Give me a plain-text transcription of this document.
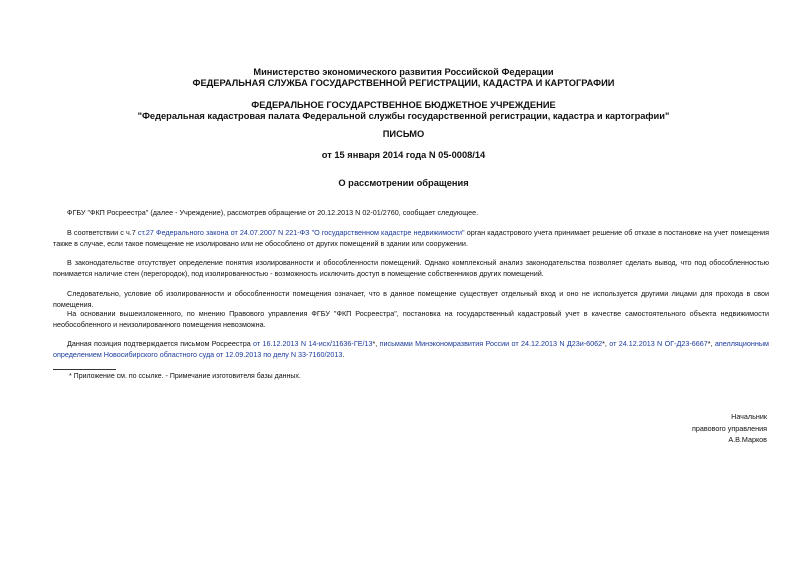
Министерство экономического развития Российской Федерации
ФЕДЕРАЛЬНАЯ СЛУЖБА ГОСУДАРСТВЕННОЙ РЕГИСТРАЦИИ, КАДАСТРА И КАРТОГРАФИИ
ФЕДЕРАЛЬНОЕ ГОСУДАРСТВЕННОЕ БЮДЖЕТНОЕ УЧРЕЖДЕНИЕ
"Федеральная кадастровая палата Федеральной службы государственной регистрации, кадастра и картографии"
ПИСЬМО
от 15 января 2014 года N 05-0008/14
О рассмотрении обращения
ФГБУ "ФКП Росреестра" (далее - Учреждение), рассмотрев обращение от 20.12.2013 N 02-01/2760, сообщает следующее.
В соответствии с ч.7 ст.27 Федерального закона от 24.07.2007 N 221-ФЗ "О государственном кадастре недвижимости" орган кадастрового учета принимает решение об отказе в постановке на учет помещения также в случае, если такое помещение не изолировано или не обособлено от других помещений в здании или сооружении.
В законодательстве отсутствует определение понятия изолированности и обособленности помещений. Однако комплексный анализ законодательства позволяет сделать вывод, что под обособленностью понимается наличие стен (перегородок), под изолированностью - возможность исключить доступ в помещение собственников других помещений.
Следовательно, условие об изолированности и обособленности помещения означает, что в данное помещение существует отдельный вход и оно не используется другими лицами для прохода в свои помещения.
На основании вышеизложенного, по мнению Правового управления ФГБУ "ФКП Росреестра", постановка на государственный кадастровый учет в качестве самостоятельного объекта недвижимости необособленного и неизолированного помещения невозможна.
Данная позиция подтверждается письмом Росреестра от 16.12.2013 N 14-исх/11636-ГЕ/13*, письмами Минэкономразвития России от 24.12.2013 N Д23и-6062*, от 24.12.2013 N ОГ-Д23-6667*, апелляционным определением Новосибирского областного суда от 12.09.2013 по делу N 33-7160/2013.
* Приложение см. по ссылке. - Примечание изготовителя базы данных.
Начальник
правового управления
А.В.Марков
